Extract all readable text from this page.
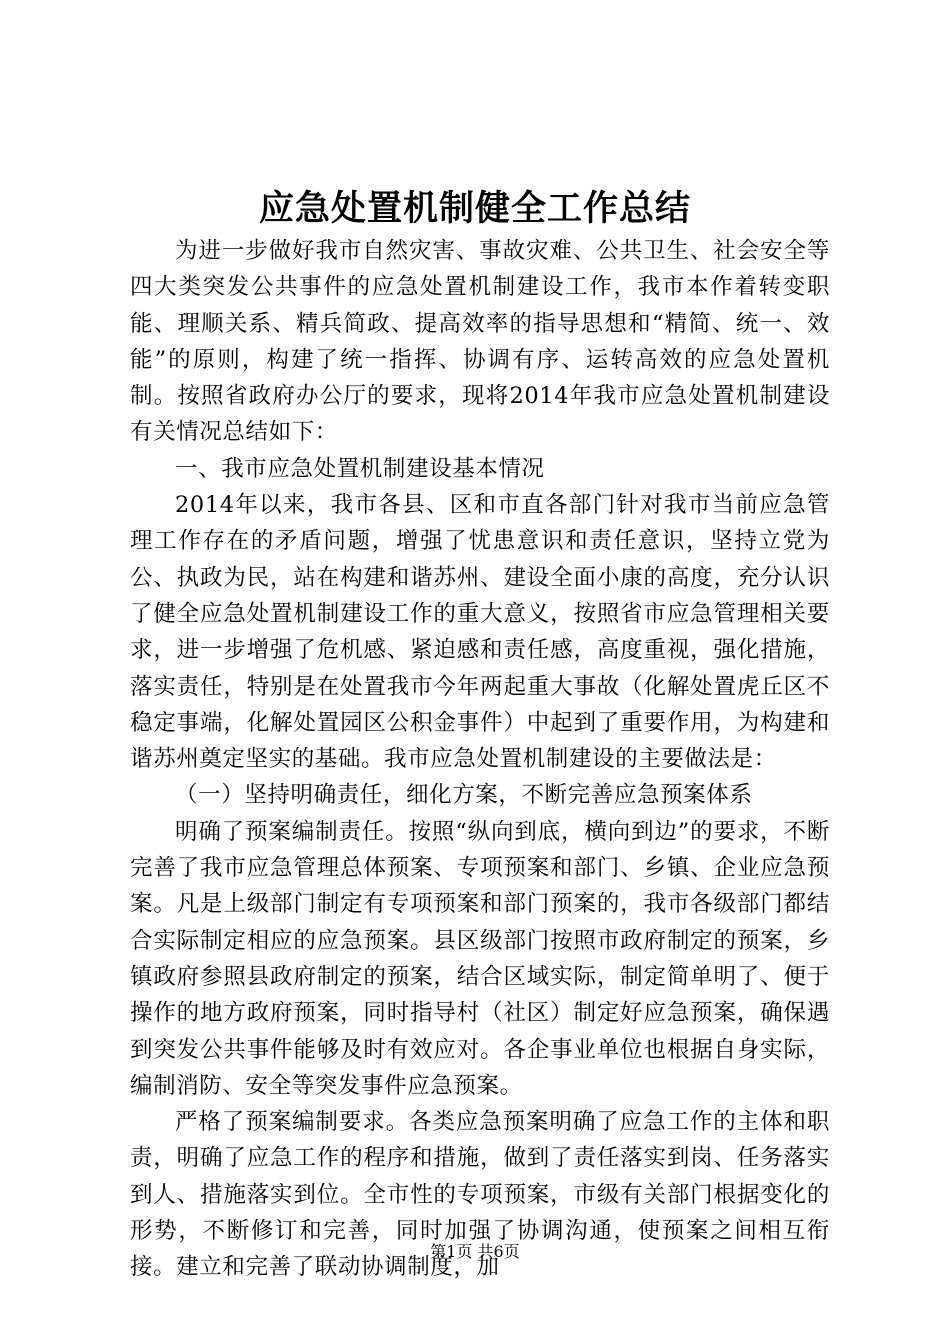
应急处置机制健全工作总结

为进一步做好我市自然灾害、事故灾难、公共卫生、社会安全等四大类突发公共事件的应急处置机制建设工作，我市本作着转变职能、理顺关系、精兵简政、提高效率的指导思想和“精简、统一、效能”的原则，构建了统一指挥、协调有序、运转高效的应急处置机制。按照省政府办公厅的要求，现将2014年我市应急处置机制建设有关情况总结如下：

一、我市应急处置机制建设基本情况

2014年以来，我市各县、区和市直各部门针对我市当前应急管理工作存在的矛盾问题，增强了忧患意识和责任意识，坚持立党为公、执政为民，站在构建和谐苏州、建设全面小康的高度，充分认识了健全应急处置机制建设工作的重大意义，按照省市应急管理相关要求，进一步增强了危机感、紧迫感和责任感，高度重视，强化措施，落实责任，特别是在处置我市今年两起重大事故（化解处置虎丘区不稳定事端，化解处置园区公积金事件）中起到了重要作用，为构建和谐苏州奠定坚实的基础。我市应急处置机制建设的主要做法是：

（一）坚持明确责任，细化方案，不断完善应急预案体系

明确了预案编制责任。按照“纵向到底，横向到边”的要求，不断完善了我市应急管理总体预案、专项预案和部门、乡镇、企业应急预案。凡是上级部门制定有专项预案和部门预案的，我市各级部门都结合实际制定相应的应急预案。县区级部门按照市政府制定的预案，乡镇政府参照县政府制定的预案，结合区域实际，制定简单明了、便于操作的地方政府预案，同时指导村（社区）制定好应急预案，确保遇到突发公共事件能够及时有效应对。各企事业单位也根据自身实际，编制消防、安全等突发事件应急预案。

严格了预案编制要求。各类应急预案明确了应急工作的主体和职责，明确了应急工作的程序和措施，做到了责任落实到岗、任务落实到人、措施落实到位。全市性的专项预案，市级有关部门根据变化的形势，不断修订和完善，同时加强了协调沟通，使预案之间相互衔接。建立和完善了联动协调制度，加

第1页 共6页
